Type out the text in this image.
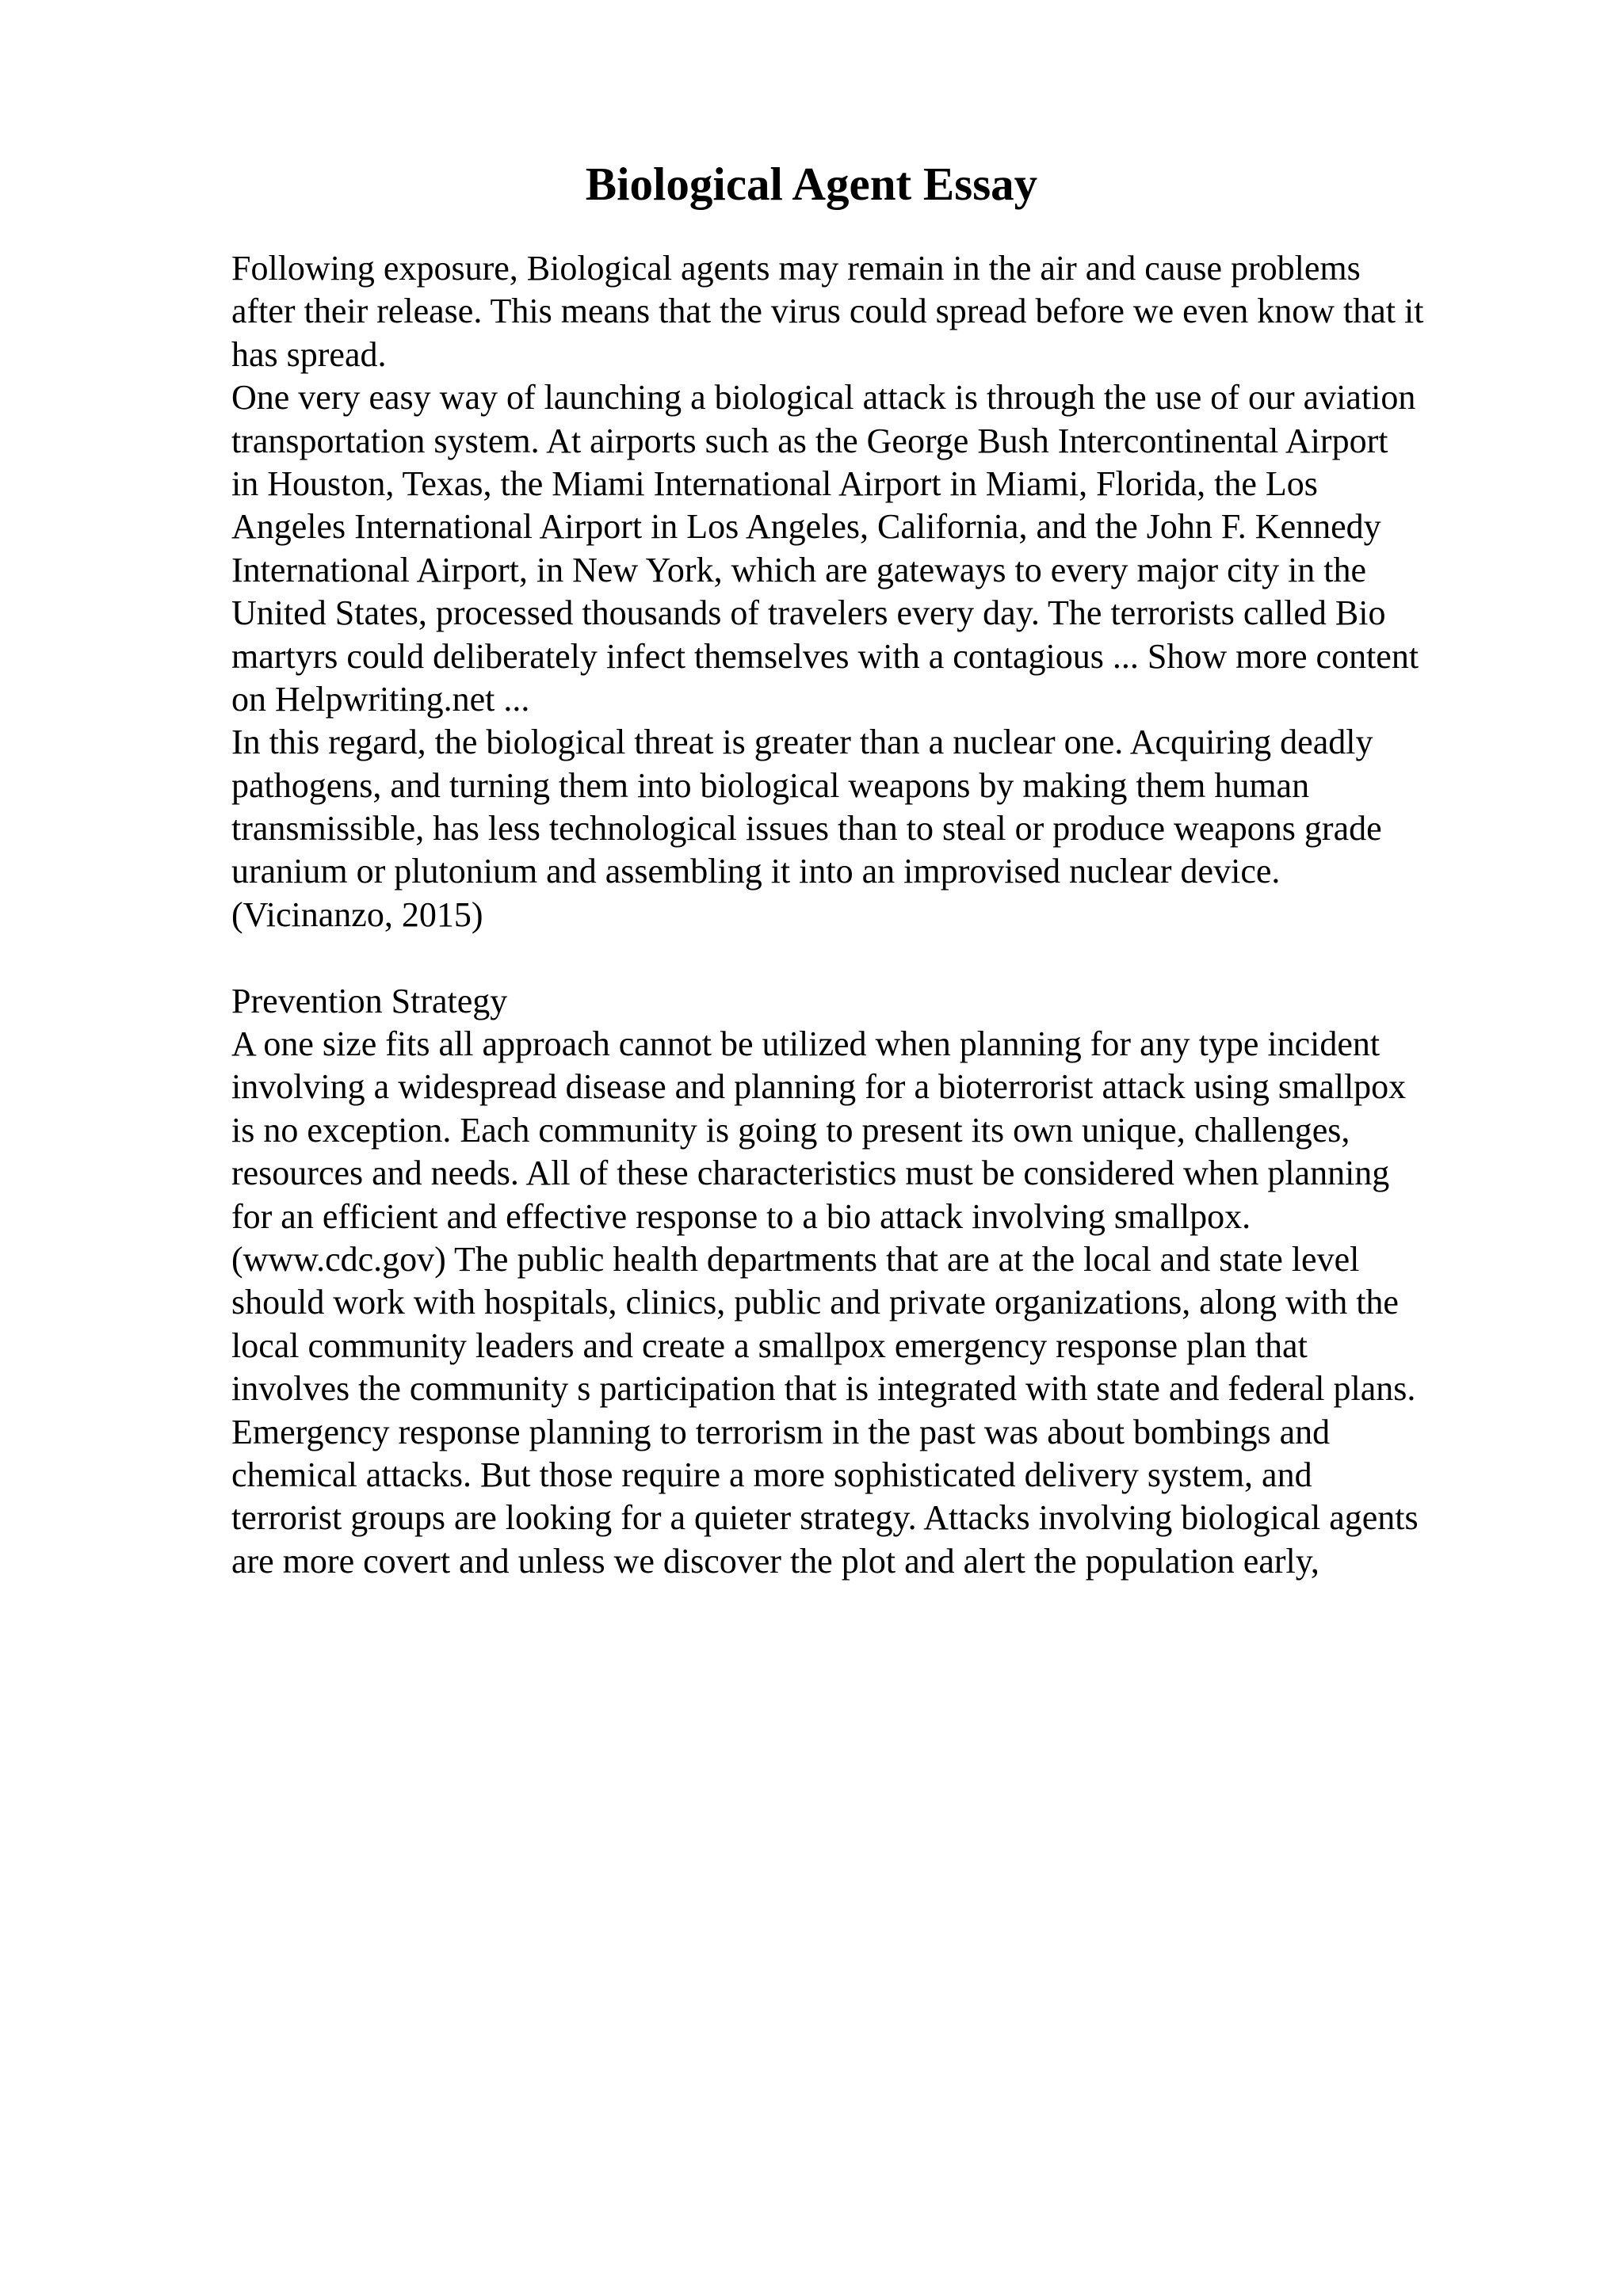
Biological Agent Essay
Following exposure, Biological agents may remain in the air and cause problems
after their release. This means that the virus could spread before we even know that it
has spread.
One very easy way of launching a biological attack is through the use of our aviation
transportation system. At airports such as the George Bush Intercontinental Airport
in Houston, Texas, the Miami International Airport in Miami, Florida, the Los
Angeles International Airport in Los Angeles, California, and the John F. Kennedy
International Airport, in New York, which are gateways to every major city in the
United States, processed thousands of travelers every day. The terrorists called Bio
martyrs could deliberately infect themselves with a contagious ... Show more content
on Helpwriting.net ...
In this regard, the biological threat is greater than a nuclear one. Acquiring deadly
pathogens, and turning them into biological weapons by making them human
transmissible, has less technological issues than to steal or produce weapons grade
uranium or plutonium and assembling it into an improvised nuclear device.
(Vicinanzo, 2015)
Prevention Strategy
A one size fits all approach cannot be utilized when planning for any type incident
involving a widespread disease and planning for a bioterrorist attack using smallpox
is no exception. Each community is going to present its own unique, challenges,
resources and needs. All of these characteristics must be considered when planning
for an efficient and effective response to a bio attack involving smallpox.
(www.cdc.gov) The public health departments that are at the local and state level
should work with hospitals, clinics, public and private organizations, along with the
local community leaders and create a smallpox emergency response plan that
involves the community s participation that is integrated with state and federal plans.
Emergency response planning to terrorism in the past was about bombings and
chemical attacks. But those require a more sophisticated delivery system, and
terrorist groups are looking for a quieter strategy. Attacks involving biological agents
are more covert and unless we discover the plot and alert the population early,
